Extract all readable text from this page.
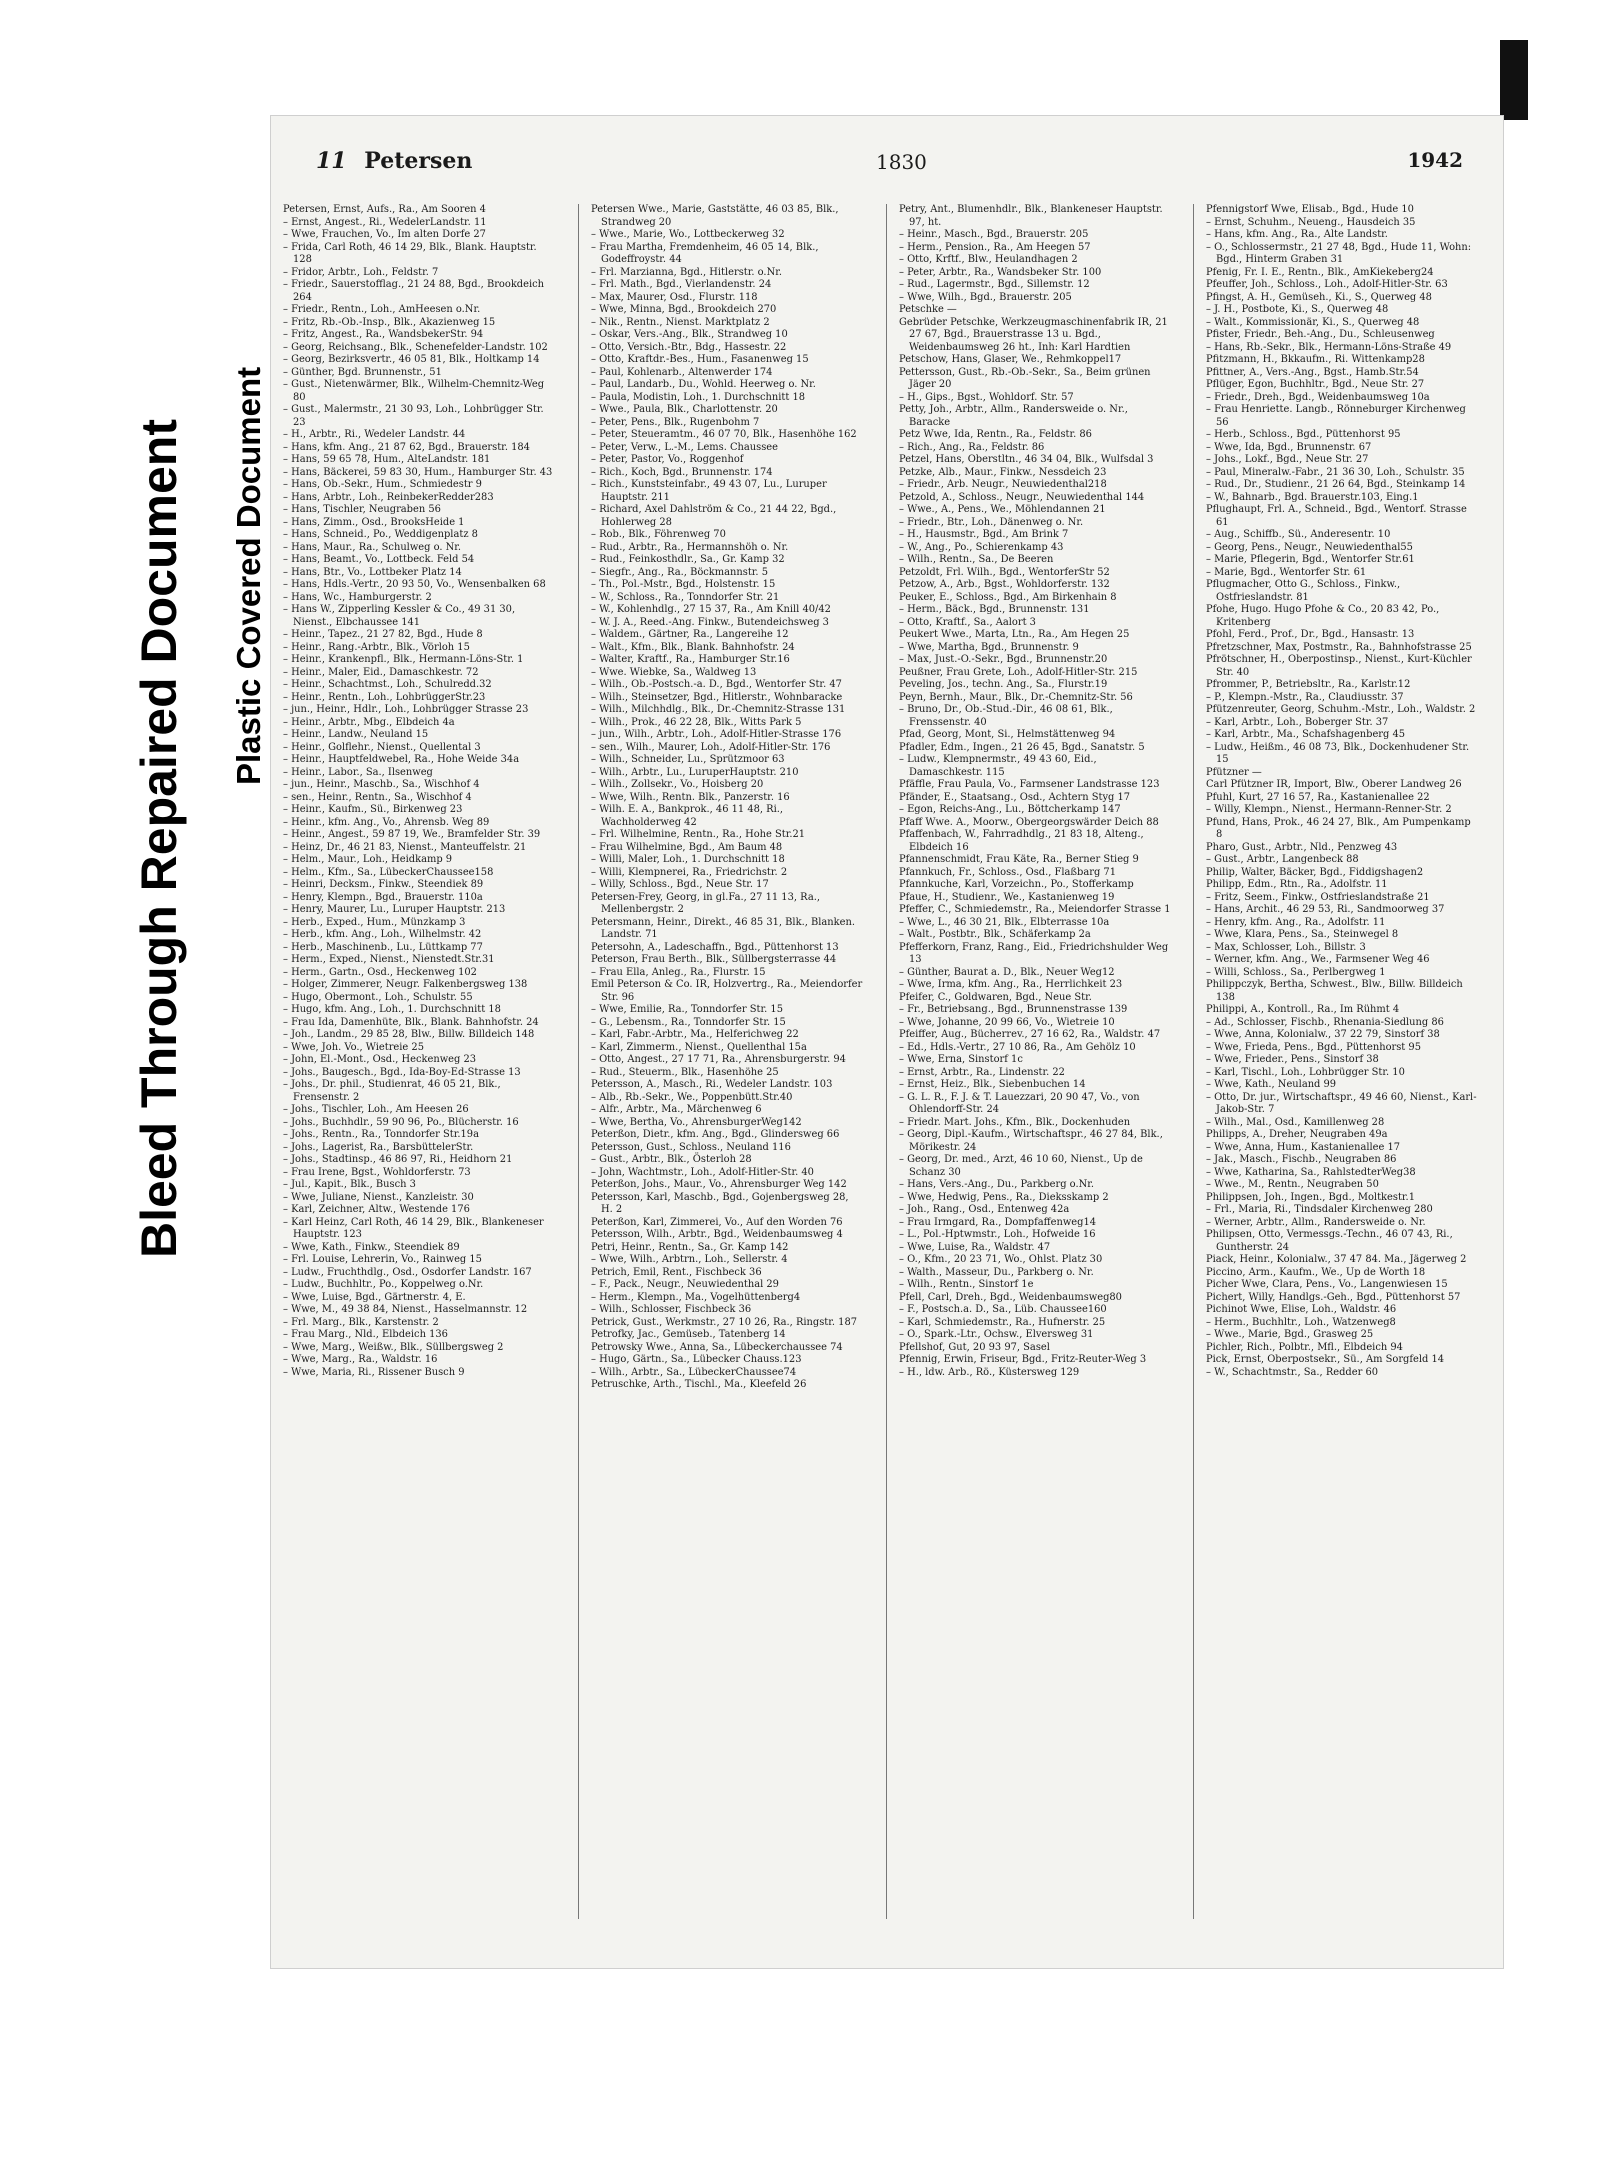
Bleed Through Repaired Document Plastic Covered Document
11 Petersen	1830	1942

Petersen, Ernst, Aufs., Ra., Am Sooren 4

– Ernst, Angest., Ri., WedelerLandstr. 11

– Wwe, Frauchen, Vo., Im alten Dorfe 27

– Frida, Carl Roth, 46 14 29, Blk., Blank. Hauptstr. 128

– Fridor, Arbtr., Loh., Feldstr. 7

– Friedr., Sauerstofflag., 21 24 88, Bgd., Brookdeich 264

– Friedr., Rentn., Loh., AmHeesen o.Nr.

– Fritz, Rb.-Ob.-Insp., Blk., Akazienweg 15

– Fritz, Angest., Ra., WandsbekerStr. 94

– Georg, Reichsang., Blk., Schenefelder-Landstr. 102

– Georg, Bezirksvertr., 46 05 81, Blk., Holtkamp 14

– Günther, Bgd. Brunnenstr., 51

– Gust., Nietenwärmer, Blk., Wilhelm-Chemnitz-Weg 80

– Gust., Malermstr., 21 30 93, Loh., Lohbrügger Str. 23

– H., Arbtr., Ri., Wedeler Landstr. 44

– Hans, kfm. Ang., 21 87 62, Bgd., Brauerstr. 184

– Hans, 59 65 78, Hum., AlteLandstr. 181

– Hans, Bäckerei, 59 83 30, Hum., Hamburger Str. 43

– Hans, Ob.-Sekr., Hum., Schmiedestr 9

– Hans, Arbtr., Loh., ReinbekerRedder283

– Hans, Tischler, Neugraben 56

– Hans, Zimm., Osd., BrooksHeide 1

– Hans, Schneid., Po., Weddigenplatz 8

– Hans, Maur., Ra., Schulweg o. Nr.

– Hans, Beamt., Vo., Lottbeck. Feld 54

– Hans, Btr., Vo., Lottbeker Platz 14

– Hans, Hdls.-Vertr., 20 93 50, Vo., Wensenbalken 68

– Hans, Wc., Hamburgerstr. 2

– Hans W., Zipperling Kessler & Co., 49 31 30, Nienst., Elbchaussee 141

– Heinr., Tapez., 21 27 82, Bgd., Hude 8

– Heinr., Rang.-Arbtr., Blk., Vörloh 15

– Heinr., Krankenpfl., Blk., Hermann-Löns-Str. 1

– Heinr., Maler, Eid., Damaschkestr. 72

– Heinr., Schachtmst., Loh., Schulredd.32

– Heinr., Rentn., Loh., LohbrüggerStr.23

– jun., Heinr., Hdlr., Loh., Lohbrügger Strasse 23

– Heinr., Arbtr., Mbg., Elbdeich 4a

– Heinr., Landw., Neuland 15

– Heinr., Golflehr., Nienst., Quellental 3

– Heinr., Hauptfeldwebel, Ra., Hohe Weide 34a

– Heinr., Labor., Sa., Ilsenweg

– jun., Heinr., Maschb., Sa., Wischhof 4

– sen., Heinr., Rentn., Sa., Wischhof 4

– Heinr., Kaufm., Sü., Birkenweg 23

– Heinr., kfm. Ang., Vo., Ahrensb. Weg 89

– Heinr., Angest., 59 87 19, We., Bramfelder Str. 39

– Heinz, Dr., 46 21 83, Nienst., Manteuffelstr. 21

– Helm., Maur., Loh., Heidkamp 9

– Helm., Kfm., Sa., LübeckerChaussee158

– Heinri, Decksm., Finkw., Steendiek 89

– Henry, Klempn., Bgd., Brauerstr. 110a

– Henry, Maurer, Lu., Luruper Hauptstr. 213

– Herb., Exped., Hum., Münzkamp 3

– Herb., kfm. Ang., Loh., Wilhelmstr. 42

– Herb., Maschinenb., Lu., Lüttkamp 77

– Herm., Exped., Nienst., Nienstedt.Str.31

– Herm., Gartn., Osd., Heckenweg 102

– Holger, Zimmerer, Neugr. Falkenbergsweg 138

– Hugo, Obermont., Loh., Schulstr. 55

– Hugo, kfm. Ang., Loh., 1. Durchschnitt 18

– Frau Ida, Damenhüte, Blk., Blank. Bahnhofstr. 24

– Joh., Landm., 29 85 28, Blw., Billw. Billdeich 148

– Wwe, Joh. Vo., Wietreie 25

– John, El.-Mont., Osd., Heckenweg 23

– Johs., Baugesch., Bgd., Ida-Boy-Ed-Strasse 13

– Johs., Dr. phil., Studienrat, 46 05 21, Blk., Frensenstr. 2

– Johs., Tischler, Loh., Am Heesen 26

– Johs., Buchhdlr., 59 90 96, Po., Blücherstr. 16

– Johs., Rentn., Ra., Tonndorfer Str.19a

– Johs., Lagerist, Ra., BarsbüttelerStr.

– Johs., Stadtinsp., 46 86 97, Ri., Heidhorn 21

– Frau Irene, Bgst., Wohldorferstr. 73

– Jul., Kapit., Blk., Busch 3

– Wwe, Juliane, Nienst., Kanzleistr. 30

– Karl, Zeichner, Altw., Westende 176

– Karl Heinz, Carl Roth, 46 14 29, Blk., Blankeneser Hauptstr. 123

– Wwe, Kath., Finkw., Steendiek 89

– Frl. Louise, Lehrerin, Vo., Rainweg 15

– Ludw., Fruchthdlg., Osd., Osdorfer Landstr. 167

– Ludw., Buchhltr., Po., Koppelweg o.Nr.

– Wwe, Luise, Bgd., Gärtnerstr. 4, E.

– Wwe, M., 49 38 84, Nienst., Hasselmannstr. 12

– Frl. Marg., Blk., Karstenstr. 2

– Frau Marg., Nld., Elbdeich 136

– Wwe, Marg., Weißw., Blk., Süllbergsweg 2

– Wwe, Marg., Ra., Waldstr. 16

– Wwe, Maria, Ri., Rissener Busch 9

Petersen Wwe., Marie, Gaststätte, 46 03 85, Blk., Strandweg 20

– Wwe., Marie, Wo., Lottbeckerweg 32

– Frau Martha, Fremdenheim, 46 05 14, Blk., Godeffroystr. 44

– Frl. Marzianna, Bgd., Hitlerstr. o.Nr.

– Frl. Math., Bgd., Vierlandenstr. 24

– Max, Maurer, Osd., Flurstr. 118

– Wwe, Minna, Bgd., Brookdeich 270

– Nik., Rentn., Nienst. Marktplatz 2

– Oskar, Vers.-Ang., Blk., Strandweg 10

– Otto, Versich.-Btr., Bdg., Hassestr. 22

– Otto, Kraftdr.-Bes., Hum., Fasanenweg 15

– Paul, Kohlenarb., Altenwerder 174

– Paul, Landarb., Du., Wohld. Heerweg o. Nr.

– Paula, Modistin, Loh., 1. Durchschnitt 18

– Wwe., Paula, Blk., Charlottenstr. 20

– Peter, Pens., Blk., Rugenbohm 7

– Peter, Steueramtm., 46 07 70, Blk., Hasenhöhe 162

– Peter, Verw., L.-M., Lems. Chaussee

– Peter, Pastor, Vo., Roggenhof

– Rich., Koch, Bgd., Brunnenstr. 174

– Rich., Kunststeinfabr., 49 43 07, Lu., Luruper Hauptstr. 211

– Richard, Axel Dahlström & Co., 21 44 22, Bgd., Hohlerweg 28

– Rob., Blk., Föhrenweg 70

– Rud., Arbtr., Ra., Hermannshöh o. Nr.

– Rud., Feinkosthdlr., Sa., Gr. Kamp 32

– Siegfr., Ang., Ra., Böckmannstr. 5

– Th., Pol.-Mstr., Bgd., Holstenstr. 15

– W., Schloss., Ra., Tonndorfer Str. 21

– W., Kohlenhdlg., 27 15 37, Ra., Am Knill 40/42

– W. J. A., Reed.-Ang. Finkw., Butendeichsweg 3

– Waldem., Gärtner, Ra., Langereihe 12

– Walt., Kfm., Blk., Blank. Bahnhofstr. 24

– Walter, Kraftf., Ra., Hamburger Str.16

– Wwe. Wiebke, Sa., Waldweg 13

– Wilh., Ob.-Postsch.-a. D., Bgd., Wentorfer Str. 47

– Wilh., Steinsetzer, Bgd., Hitlerstr., Wohnbaracke

– Wilh., Milchhdlg., Blk., Dr.-Chemnitz-Strasse 131

– Wilh., Prok., 46 22 28, Blk., Witts Park 5

– jun., Wilh., Arbtr., Loh., Adolf-Hitler-Strasse 176

– sen., Wilh., Maurer, Loh., Adolf-Hitler-Str. 176

– Wilh., Schneider, Lu., Sprützmoor 63

– Wilh., Arbtr., Lu., LuruperHauptstr. 210

– Wilh., Zollsekr., Vo., Hoisberg 20

– Wwe, Wilh., Rentn. Blk., Panzerstr. 16

– Wilh. E. A., Bankprok., 46 11 48, Ri., Wachholderweg 42

– Frl. Wilhelmine, Rentn., Ra., Hohe Str.21

– Frau Wilhelmine, Bgd., Am Baum 48

– Willi, Maler, Loh., 1. Durchschnitt 18

– Willi, Klempnerei, Ra., Friedrichstr. 2

– Willy, Schloss., Bgd., Neue Str. 17

Petersen-Frey, Georg, in gl.Fa., 27 11 13, Ra., Mellenbergstr. 2

Petersmann, Heinr., Direkt., 46 85 31, Blk., Blanken. Landstr. 71

Petersohn, A., Ladeschaffn., Bgd., Püttenhorst 13

Peterson, Frau Berth., Blk., Süllbergsterrasse 44

– Frau Ella, Anleg., Ra., Flurstr. 15

Emil Peterson & Co. IR, Holzvertrg., Ra., Meiendorfer Str. 96

– Wwe, Emilie, Ra., Tonndorfer Str. 15

– G., Lebensm., Ra., Tonndorfer Str. 15

– Karl, Fabr.-Arbtr., Ma., Helferichweg 22

– Karl, Zimmerm., Nienst., Quellenthal 15a

– Otto, Angest., 27 17 71, Ra., Ahrensburgerstr. 94

– Rud., Steuerm., Blk., Hasenhöhe 25

Petersson, A., Masch., Ri., Wedeler Landstr. 103

– Alb., Rb.-Sekr., We., Poppenbütt.Str.40

– Alfr., Arbtr., Ma., Märchenweg 6

– Wwe, Bertha, Vo., AhrensburgerWeg142

Peterßon, Dietr., kfm. Ang., Bgd., Glindersweg 66

Petersson, Gust., Schloss., Neuland 116

– Gust., Arbtr., Blk., Österloh 28

– John, Wachtmstr., Loh., Adolf-Hitler-Str. 40

Peterßon, Johs., Maur., Vo., Ahrensburger Weg 142

Petersson, Karl, Maschb., Bgd., Gojenbergsweg 28, H. 2

Peterßon, Karl, Zimmerei, Vo., Auf den Worden 76

Petersson, Wilh., Arbtr., Bgd., Weidenbaumsweg 4

Petri, Heinr., Rentn., Sa., Gr. Kamp 142

– Wwe, Wilh., Arbtrn., Loh., Sellerstr. 4

Petrich, Emil, Rent., Fischbeck 36

– F., Pack., Neugr., Neuwiedenthal 29

– Herm., Klempn., Ma., Vogelhüttenberg4

– Wilh., Schlosser, Fischbeck 36

Petrick, Gust., Werkmstr., 27 10 26, Ra., Ringstr. 187

Petrofky, Jac., Gemüseb., Tatenberg 14

Petrowsky Wwe., Anna, Sa., Lübeckerchaussee 74

– Hugo, Gärtn., Sa., Lübecker Chauss.123

– Wilh., Arbtr., Sa., LübeckerChaussee74

Petruschke, Arth., Tischl., Ma., Kleefeld 26

Petry, Ant., Blumenhdlr., Blk., Blankeneser Hauptstr. 97, ht.

– Heinr., Masch., Bgd., Brauerstr. 205

– Herm., Pension., Ra., Am Heegen 57

– Otto, Krftf., Blw., Heulandhagen 2

– Peter, Arbtr., Ra., Wandsbeker Str. 100

– Rud., Lagermstr., Bgd., Sillemstr. 12

– Wwe, Wilh., Bgd., Brauerstr. 205

Petschke —

Gebrüder Petschke, Werkzeugmaschinenfabrik IR, 21 27 67, Bgd., Brauerstrasse 13 u. Bgd., Weidenbaumsweg 26 ht., Inh: Karl Hardtien

Petschow, Hans, Glaser, We., Rehmkoppel17

Pettersson, Gust., Rb.-Ob.-Sekr., Sa., Beim grünen Jäger 20

– H., Gips., Bgst., Wohldorf. Str. 57

Petty, Joh., Arbtr., Allm., Randersweide o. Nr., Baracke

Petz Wwe, Ida, Rentn., Ra., Feldstr. 86

– Rich., Ang., Ra., Feldstr. 86

Petzel, Hans, Oberstltn., 46 34 04, Blk., Wulfsdal 3

Petzke, Alb., Maur., Finkw., Nessdeich 23

– Friedr., Arb. Neugr., Neuwiedenthal218

Petzold, A., Schloss., Neugr., Neuwiedenthal 144

– Wwe., A., Pens., We., Möhlendannen 21

– Friedr., Btr., Loh., Dänenweg o. Nr.

– H., Hausmstr., Bgd., Am Brink 7

– W., Ang., Po., Schierenkamp 43

– Wilh., Rentn., Sa., De Beeren

Petzoldt, Frl. Wilh., Bgd., WentorferStr 52

Petzow, A., Arb., Bgst., Wohldorferstr. 132

Peuker, E., Schloss., Bgd., Am Birkenhain 8

– Herm., Bäck., Bgd., Brunnenstr. 131

– Otto, Kraftf., Sa., Aalort 3

Peukert Wwe., Marta, Ltn., Ra., Am Hegen 25

– Wwe, Martha, Bgd., Brunnenstr. 9

– Max, Just.-O.-Sekr., Bgd., Brunnenstr.20

Peußner, Frau Grete, Loh., Adolf-Hitler-Str. 215

Peveling, Jos., techn. Ang., Sa., Flurstr.19

Peyn, Bernh., Maur., Blk., Dr.-Chemnitz-Str. 56

– Bruno, Dr., Ob.-Stud.-Dir., 46 08 61, Blk., Frenssenstr. 40

Pfad, Georg, Mont, Si., Helmstättenweg 94

Pfadler, Edm., Ingen., 21 26 45, Bgd., Sanatstr. 5

– Ludw., Klempnermstr., 49 43 60, Eid., Damaschkestr. 115

Pfäffle, Frau Paula, Vo., Farmsener Landstrasse 123

Pfänder, E., Staatsang., Osd., Achtern Styg 17

– Egon, Reichs-Ang., Lu., Böttcherkamp 147

Pfaff Wwe. A., Moorw., Obergeorgswärder Deich 88

Pfaffenbach, W., Fahrradhdlg., 21 83 18, Alteng., Elbdeich 16

Pfannenschmidt, Frau Käte, Ra., Berner Stieg 9

Pfannkuch, Fr., Schloss., Osd., Flaßbarg 71

Pfannkuche, Karl, Vorzeichn., Po., Stofferkamp

Pfaue, H., Studienr., We., Kastanienweg 19

Pfeffer, C., Schmiedemstr., Ra., Meiendorfer Strasse 1

– Wwe, L., 46 30 21, Blk., Elbterrasse 10a

– Walt., Postbtr., Blk., Schäferkamp 2a

Pfefferkorn, Franz, Rang., Eid., Friedrichshulder Weg 13

– Günther, Baurat a. D., Blk., Neuer Weg12

– Wwe, Irma, kfm. Ang., Ra., Herrlichkeit 23

Pfeifer, C., Goldwaren, Bgd., Neue Str.

– Fr., Betriebsang., Bgd., Brunnenstrasse 139

– Wwe, Johanne, 20 99 66, Vo., Wietreie 10

Pfeiffer, Aug., Bücherrev., 27 16 62, Ra., Waldstr. 47

– Ed., Hdls.-Vertr., 27 10 86, Ra., Am Gehölz 10

– Wwe, Erna, Sinstorf 1c

– Ernst, Arbtr., Ra., Lindenstr. 22

– Ernst, Heiz., Blk., Siebenbuchen 14

– G. L. R., F. J. & T. Lauezzari, 20 90 47, Vo., von Ohlendorff-Str. 24

– Friedr. Mart. Johs., Kfm., Blk., Dockenhuden

– Georg, Dipl.-Kaufm., Wirtschaftspr., 46 27 84, Blk., Mörikestr. 24

– Georg, Dr. med., Arzt, 46 10 60, Nienst., Up de Schanz 30

– Hans, Vers.-Ang., Du., Parkberg o.Nr.

– Wwe, Hedwig, Pens., Ra., Dieksskamp 2

– Joh., Rang., Osd., Entenweg 42a

– Frau Irmgard, Ra., Dompfaffenweg14

– L., Pol.-Hptwmstr., Loh., Hofweide 16

– Wwe, Luise, Ra., Waldstr. 47

– O., Kfm., 20 23 71, Wo., Ohlst. Platz 30

– Walth., Masseur, Du., Parkberg o. Nr.

– Wilh., Rentn., Sinstorf 1e

Pfell, Carl, Dreh., Bgd., Weidenbaumsweg80

– F., Postsch.a. D., Sa., Lüb. Chaussee160

– Karl, Schmiedemstr., Ra., Hufnerstr. 25

– O., Spark.-Ltr., Ochsw., Elversweg 31

Pfellshof, Gut, 20 93 97, Sasel

Pfennig, Erwin, Friseur, Bgd., Fritz-Reuter-Weg 3

– H., ldw. Arb., Rö., Küstersweg 129

Pfennigstorf Wwe, Elisab., Bgd., Hude 10

– Ernst, Schuhm., Neueng., Hausdeich 35

– Hans, kfm. Ang., Ra., Alte Landstr.

– O., Schlossermstr., 21 27 48, Bgd., Hude 11, Wohn: Bgd., Hinterm Graben 31

Pfenig, Fr. I. E., Rentn., Blk., AmKiekeberg24

Pfeuffer, Joh., Schloss., Loh., Adolf-Hitler-Str. 63

Pfingst, A. H., Gemüseh., Ki., S., Querweg 48

– J. H., Postbote, Ki., S., Querweg 48

– Walt., Kommissionär, Ki., S., Querweg 48

Pfister, Friedr., Beh.-Ang., Du., Schleusenweg

– Hans, Rb.-Sekr., Blk., Hermann-Löns-Straße 49

Pfitzmann, H., Bkkaufm., Ri. Wittenkamp28

Pfittner, A., Vers.-Ang., Bgst., Hamb.Str.54

Pflüger, Egon, Buchhltr., Bgd., Neue Str. 27

– Friedr., Dreh., Bgd., Weidenbaumsweg 10a

– Frau Henriette. Langb., Rönneburger Kirchenweg 56

– Herb., Schloss., Bgd., Püttenhorst 95

– Wwe, Ida, Bgd., Brunnenstr. 67

– Johs., Lokf., Bgd., Neue Str. 27

– Paul, Mineralw.-Fabr., 21 36 30, Loh., Schulstr. 35

– Rud., Dr., Studienr., 21 26 64, Bgd., Steinkamp 14

– W., Bahnarb., Bgd. Brauerstr.103, Eing.1

Pflughaupt, Frl. A., Schneid., Bgd., Wentorf. Strasse 61

– Aug., Schiffb., Sü., Anderesentr. 10

– Georg, Pens., Neugr., Neuwiedenthal55

– Marie, Pflegerin, Bgd., Wentorfer Str.61

– Marie, Bgd., Wentorfer Str. 61

Pflugmacher, Otto G., Schloss., Finkw., Ostfrieslandstr. 81

Pfohe, Hugo. Hugo Pfohe & Co., 20 83 42, Po., Kritenberg

Pfohl, Ferd., Prof., Dr., Bgd., Hansastr. 13

Pfretzschner, Max, Postmstr., Ra., Bahnhofstrasse 25

Pfrötschner, H., Oberpostinsp., Nienst., Kurt-Küchler Str. 40

Pfrommer, P., Betriebsltr., Ra., Karlstr.12

– P., Klempn.-Mstr., Ra., Claudiusstr. 37

Pfützenreuter, Georg, Schuhm.-Mstr., Loh., Waldstr. 2

– Karl, Arbtr., Loh., Boberger Str. 37

– Karl, Arbtr., Ma., Schafshagenberg 45

– Ludw., Heißm., 46 08 73, Blk., Dockenhudener Str. 15

Pfützner —

Carl Pfützner IR, Import, Blw., Oberer Landweg 26

Pfuhl, Kurt, 27 16 57, Ra., Kastanienallee 22

– Willy, Klempn., Nienst., Hermann-Renner-Str. 2

Pfund, Hans, Prok., 46 24 27, Blk., Am Pumpenkamp 8

Pharo, Gust., Arbtr., Nld., Penzweg 43

– Gust., Arbtr., Langenbeck 88

Philip, Walter, Bäcker, Bgd., Fiddigshagen2

Philipp, Edm., Rtn., Ra., Adolfstr. 11

– Fritz, Seem., Finkw., Ostfrieslandstraße 21

– Hans, Archit., 46 29 53, Ri., Sandmoorweg 37

– Henry, kfm. Ang., Ra., Adolfstr. 11

– Wwe, Klara, Pens., Sa., Steinwegel 8

– Max, Schlosser, Loh., Billstr. 3

– Werner, kfm. Ang., We., Farmsener Weg 46

– Willi, Schloss., Sa., Perlbergweg 1

Philippczyk, Bertha, Schwest., Blw., Billw. Billdeich 138

Philippi, A., Kontroll., Ra., Im Rühmt 4

– Ad., Schlosser, Fischb., Rhenania-Siedlung 86

– Wwe, Anna, Kolonialw., 37 22 79, Sinstorf 38

– Wwe, Frieda, Pens., Bgd., Püttenhorst 95

– Wwe, Frieder., Pens., Sinstorf 38

– Karl, Tischl., Loh., Lohbrügger Str. 10

– Wwe, Kath., Neuland 99

– Otto, Dr. jur., Wirtschaftspr., 49 46 60, Nienst., Karl-Jakob-Str. 7

– Wilh., Mal., Osd., Kamillenweg 28

Philipps, A., Dreher, Neugraben 49a

– Wwe, Anna, Hum., Kastanienallee 17

– Jak., Masch., Fischb., Neugraben 86

– Wwe, Katharina, Sa., RahlstedterWeg38

– Wwe., M., Rentn., Neugraben 50

Philippsen, Joh., Ingen., Bgd., Moltkestr.1

– Frl., Maria, Ri., Tindsdaler Kirchenweg 280

– Werner, Arbtr., Allm., Randersweide o. Nr.

Philipsen, Otto, Vermessgs.-Techn., 46 07 43, Ri., Guntherstr. 24

Piack, Heinr., Kolonialw., 37 47 84. Ma., Jägerweg 2

Piccino, Arm., Kaufm., We., Up de Worth 18

Picher Wwe, Clara, Pens., Vo., Langenwiesen 15

Pichert, Willy, Handlgs.-Geh., Bgd., Püttenhorst 57

Pichinot Wwe, Elise, Loh., Waldstr. 46

– Herm., Buchhltr., Loh., Watzenweg8

– Wwe., Marie, Bgd., Grasweg 25

Pichler, Rich., Polbtr., Mfl., Elbdeich 94

Pick, Ernst, Oberpostsekr., Sü., Am Sorgfeld 14

– W., Schachtmstr., Sa., Redder 60
